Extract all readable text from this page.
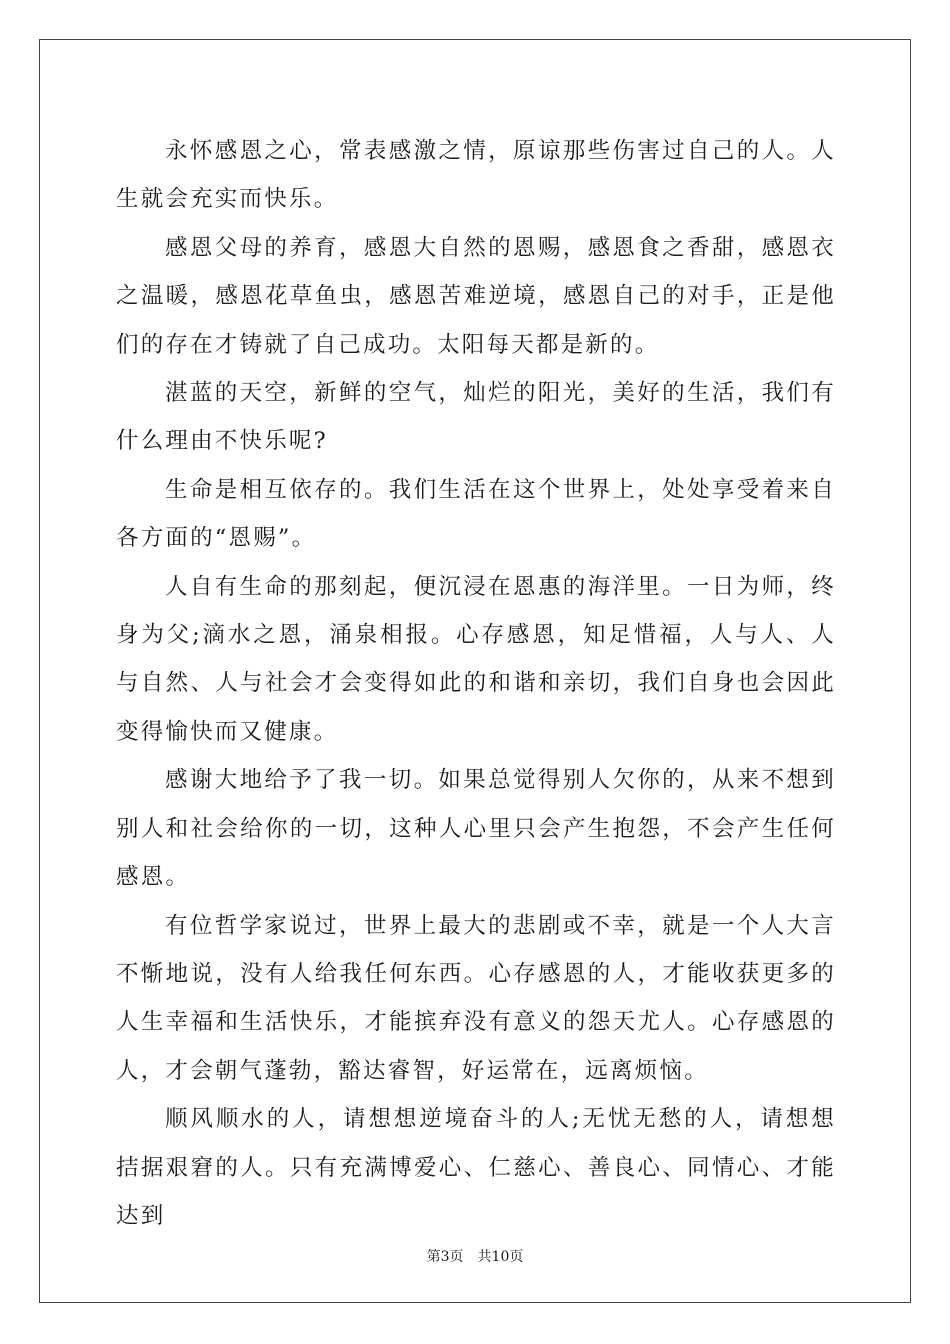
永怀感恩之心，常表感激之情，原谅那些伤害过自己的人。人生就会充实而快乐。

感恩父母的养育，感恩大自然的恩赐，感恩食之香甜，感恩衣之温暖，感恩花草鱼虫，感恩苦难逆境，感恩自己的对手，正是他们的存在才铸就了自己成功。太阳每天都是新的。

湛蓝的天空，新鲜的空气，灿烂的阳光，美好的生活，我们有什么理由不快乐呢?

生命是相互依存的。我们生活在这个世界上，处处享受着来自各方面的“恩赐”。

人自有生命的那刻起，便沉浸在恩惠的海洋里。一日为师，终身为父;滴水之恩，涌泉相报。心存感恩，知足惜福，人与人、人与自然、人与社会才会变得如此的和谐和亲切，我们自身也会因此变得愉快而又健康。

感谢大地给予了我一切。如果总觉得别人欠你的，从来不想到别人和社会给你的一切，这种人心里只会产生抱怨，不会产生任何感恩。

有位哲学家说过，世界上最大的悲剧或不幸，就是一个人大言不惭地说，没有人给我任何东西。心存感恩的人，才能收获更多的人生幸福和生活快乐，才能摈弃没有意义的怨天尤人。心存感恩的人，才会朝气蓬勃，豁达睿智，好运常在，远离烦恼。

顺风顺水的人，请想想逆境奋斗的人;无忧无愁的人，请想想拮据艰窘的人。只有充满博爱心、仁慈心、善良心、同情心、才能达到

第3页 共10页
